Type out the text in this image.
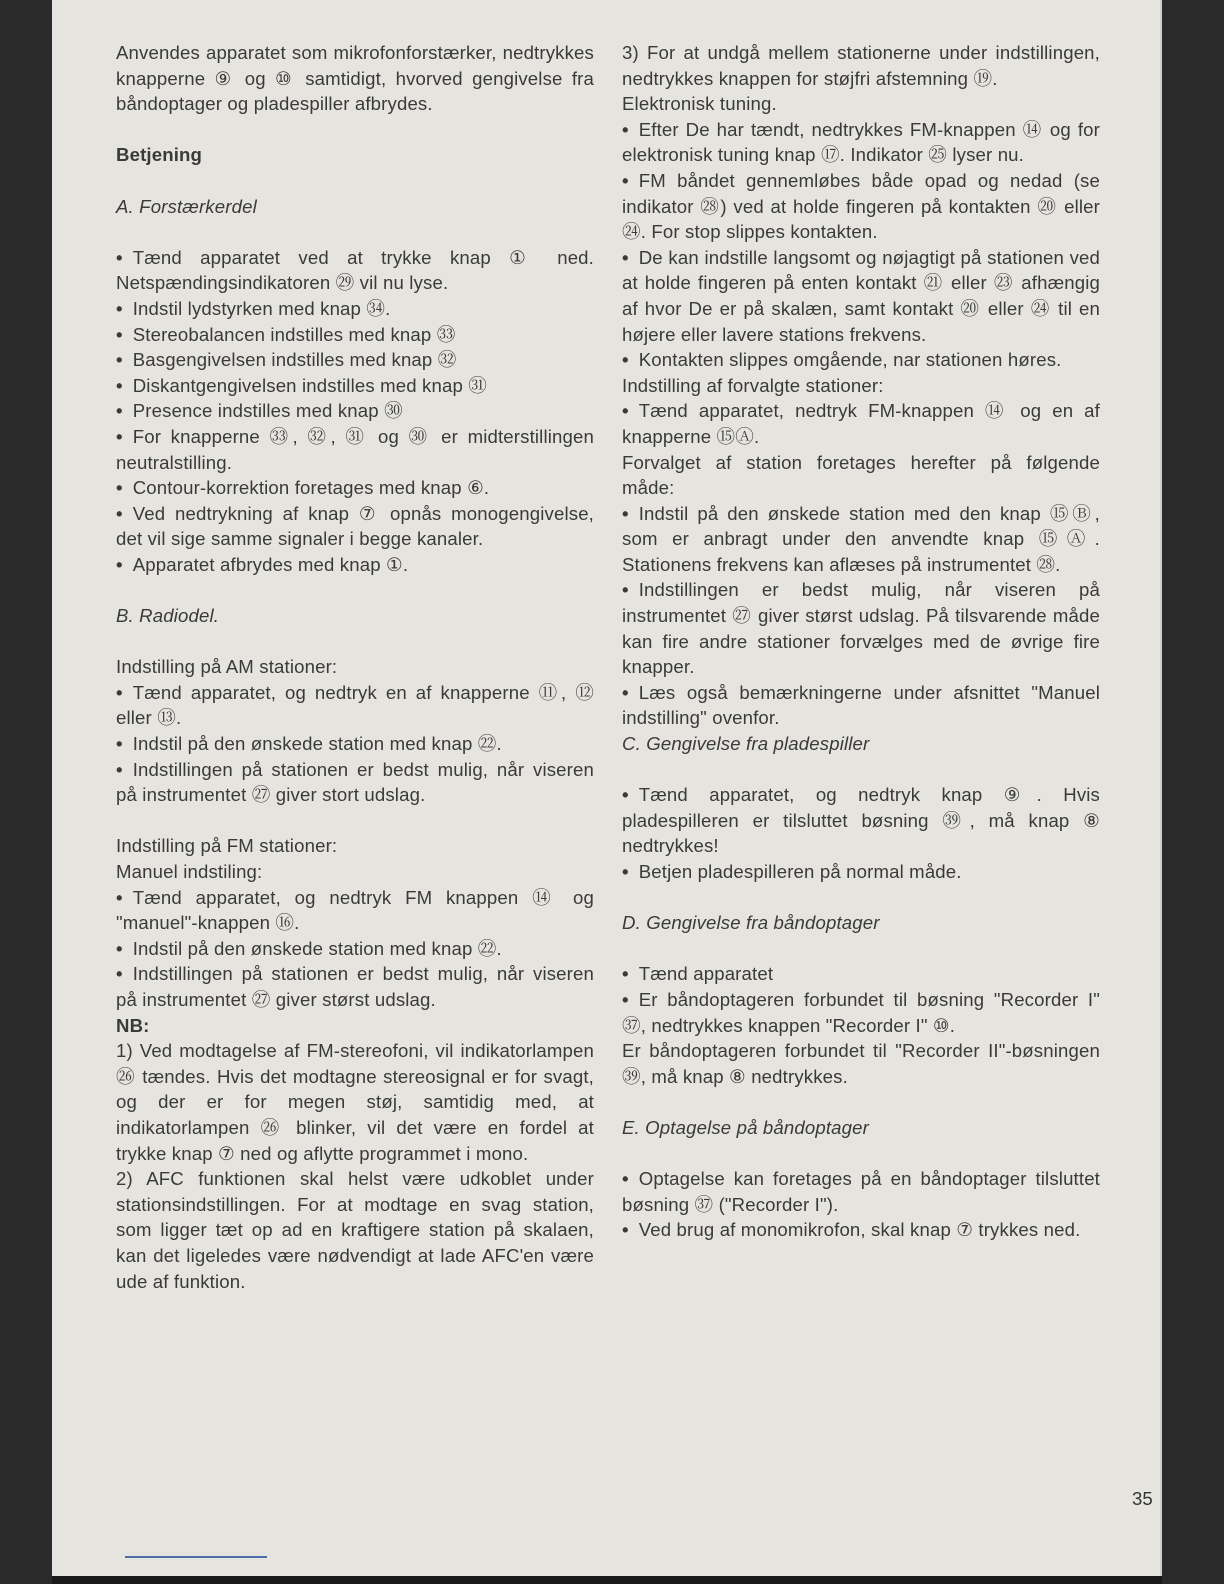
Anvendes apparatet som mikrofonforstærker, nedtrykkes knapperne ⑨ og ⑩ samtidigt, hvorved gengivelse fra båndoptager og pladespiller afbrydes.

Betjening

A. Forstærkerdel

• Tænd apparatet ved at trykke knap ① ned. Netspændingsindikatoren ㉙ vil nu lyse.

• Indstil lydstyrken med knap ㉞.

• Stereobalancen indstilles med knap ㉝

• Basgengivelsen indstilles med knap ㉜

• Diskantgengivelsen indstilles med knap ㉛

• Presence indstilles med knap ㉚

• For knapperne ㉝, ㉜, ㉛ og ㉚ er midterstillingen neutralstilling.

• Contour-korrektion foretages med knap ⑥.

• Ved nedtrykning af knap ⑦ opnås monogengivelse, det vil sige samme signaler i begge kanaler.

• Apparatet afbrydes med knap ①.

B. Radiodel.

Indstilling på AM stationer:

• Tænd apparatet, og nedtryk en af knapperne ⑪, ⑫ eller ⑬.

• Indstil på den ønskede station med knap ㉒.

• Indstillingen på stationen er bedst mulig, når viseren på instrumentet ㉗ giver stort udslag.

Indstilling på FM stationer:

Manuel indstiling:

• Tænd apparatet, og nedtryk FM knappen ⑭ og "manuel"-knappen ⑯.

• Indstil på den ønskede station med knap ㉒.

• Indstillingen på stationen er bedst mulig, når viseren på instrumentet ㉗ giver størst udslag.

NB:

1) Ved modtagelse af FM-stereofoni, vil indikatorlampen ㉖ tændes. Hvis det modtagne stereosignal er for svagt, og der er for megen støj, samtidig med, at indikatorlampen ㉖ blinker, vil det være en fordel at trykke knap ⑦ ned og aflytte programmet i mono.

2) AFC funktionen skal helst være udkoblet under stationsindstillingen. For at modtage en svag station, som ligger tæt op ad en kraftigere station på skalaen, kan det ligeledes være nødvendigt at lade AFC'en være ude af funktion.

3) For at undgå mellem stationerne under indstillingen, nedtrykkes knappen for støjfri afstemning ⑲.

Elektronisk tuning.

• Efter De har tændt, nedtrykkes FM-knappen ⑭ og for elektronisk tuning knap ⑰. Indikator ㉕ lyser nu.

• FM båndet gennemløbes både opad og nedad (se indikator ㉘) ved at holde fingeren på kontakten ⑳ eller ㉔. For stop slippes kontakten.

• De kan indstille langsomt og nøjagtigt på stationen ved at holde fingeren på enten kontakt ㉑ eller ㉓ afhængig af hvor De er på skalæn, samt kontakt ⑳ eller ㉔ til en højere eller lavere stations frekvens.

• Kontakten slippes omgående, nar stationen høres.

Indstilling af forvalgte stationer:

• Tænd apparatet, nedtryk FM-knappen ⑭ og en af knapperne ⑮Ⓐ.

Forvalget af station foretages herefter på følgende måde:

• Indstil på den ønskede station med den knap ⑮Ⓑ, som er anbragt under den anvendte knap ⑮Ⓐ. Stationens frekvens kan aflæses på instrumentet ㉘.

• Indstillingen er bedst mulig, når viseren på instrumentet ㉗ giver størst udslag. På tilsvarende måde kan fire andre stationer forvælges med de øvrige fire knapper.

• Læs også bemærkningerne under afsnittet "Manuel indstilling" ovenfor.

C. Gengivelse fra pladespiller

• Tænd apparatet, og nedtryk knap ⑨. Hvis pladespilleren er tilsluttet bøsning ㊴, må knap ⑧ nedtrykkes!

• Betjen pladespilleren på normal måde.

D. Gengivelse fra båndoptager

• Tænd apparatet

• Er båndoptageren forbundet til bøsning "Recorder I" ㊲, nedtrykkes knappen "Recorder I" ⑩.

Er båndoptageren forbundet til "Recorder II"-bøsningen ㊴, må knap ⑧ nedtrykkes.

E. Optagelse på båndoptager

• Optagelse kan foretages på en båndoptager tilsluttet bøsning ㊲ ("Recorder I").

• Ved brug af monomikrofon, skal knap ⑦ trykkes ned.

35
